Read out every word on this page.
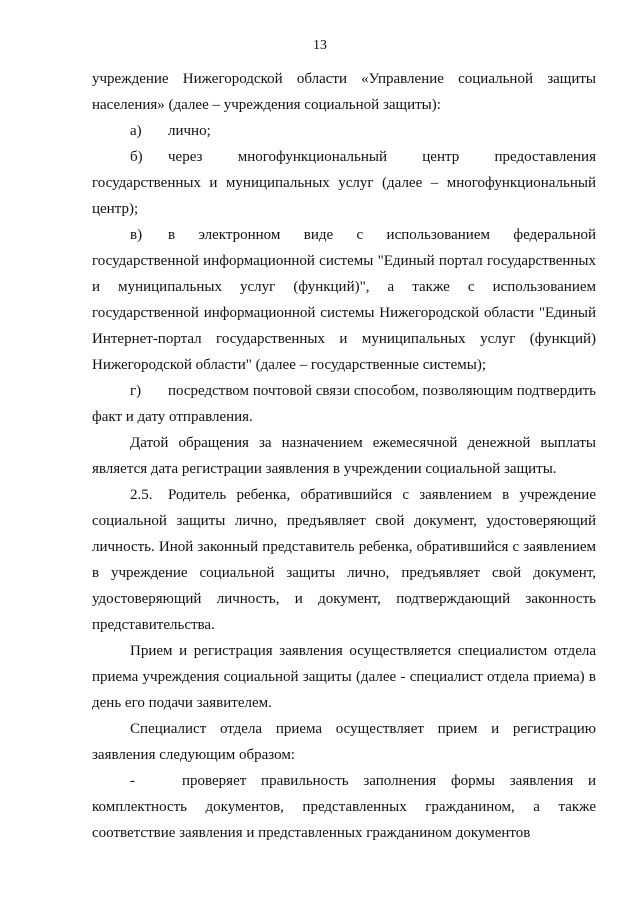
13

учреждение Нижегородской области «Управление социальной защиты населения» (далее – учреждения социальной защиты):

а) лично;

б) через многофункциональный центр предоставления государственных и муниципальных услуг (далее – многофункциональный центр);

в) в электронном виде с использованием федеральной государственной информационной системы "Единый портал государственных и муниципальных услуг (функций)", а также с использованием государственной информационной системы Нижегородской области "Единый Интернет-портал государственных и муниципальных услуг (функций) Нижегородской области" (далее – государственные системы);

г) посредством почтовой связи способом, позволяющим подтвердить факт и дату отправления.

Датой обращения за назначением ежемесячной денежной выплаты является дата регистрации заявления в учреждении социальной защиты.

2.5. Родитель ребенка, обратившийся с заявлением в учреждение социальной защиты лично, предъявляет свой документ, удостоверяющий личность. Иной законный представитель ребенка, обратившийся с заявлением в учреждение социальной защиты лично, предъявляет свой документ, удостоверяющий личность, и документ, подтверждающий законность представительства.

Прием и регистрация заявления осуществляется специалистом отдела приема учреждения социальной защиты (далее - специалист отдела приема) в день его подачи заявителем.

Специалист отдела приема осуществляет прием и регистрацию заявления следующим образом:

-	проверяет правильность заполнения формы заявления и комплектность документов, представленных гражданином, а также соответствие заявления и представленных гражданином документов
